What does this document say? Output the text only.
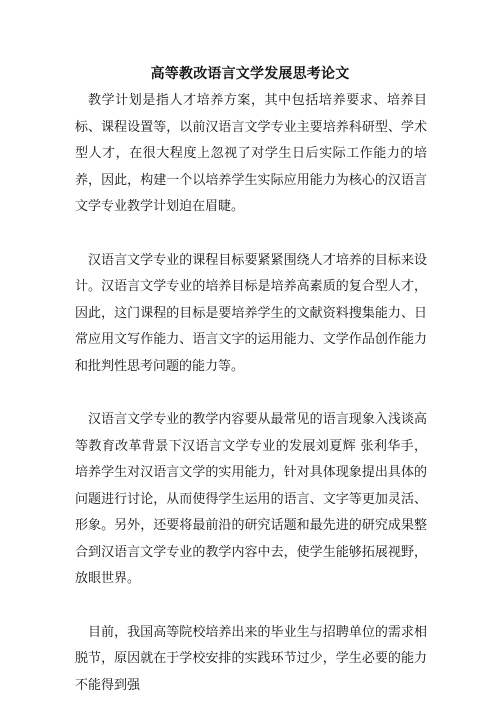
高等教改语言文学发展思考论文

教学计划是指人才培养方案，其中包括培养要求、培养目标、课程设置等，以前汉语言文学专业主要培养科研型、学术型人才，在很大程度上忽视了对学生日后实际工作能力的培养，因此，构建一个以培养学生实际应用能力为核心的汉语言文学专业教学计划迫在眉睫。

汉语言文学专业的课程目标要紧紧围绕人才培养的目标来设计。汉语言文学专业的培养目标是培养高素质的复合型人才，因此，这门课程的目标是要培养学生的文献资料搜集能力、日常应用文写作能力、语言文字的运用能力、文学作品创作能力和批判性思考问题的能力等。

汉语言文学专业的教学内容要从最常见的语言现象入浅谈高等教育改革背景下汉语言文学专业的发展刘夏辉 张利华手，培养学生对汉语言文学的实用能力，针对具体现象提出具体的问题进行讨论，从而使得学生运用的语言、文字等更加灵活、形象。另外，还要将最前沿的研究话题和最先进的研究成果整合到汉语言文学专业的教学内容中去，使学生能够拓展视野，放眼世界。

目前，我国高等院校培养出来的毕业生与招聘单位的需求相脱节，原因就在于学校安排的实践环节过少，学生必要的能力不能得到强
